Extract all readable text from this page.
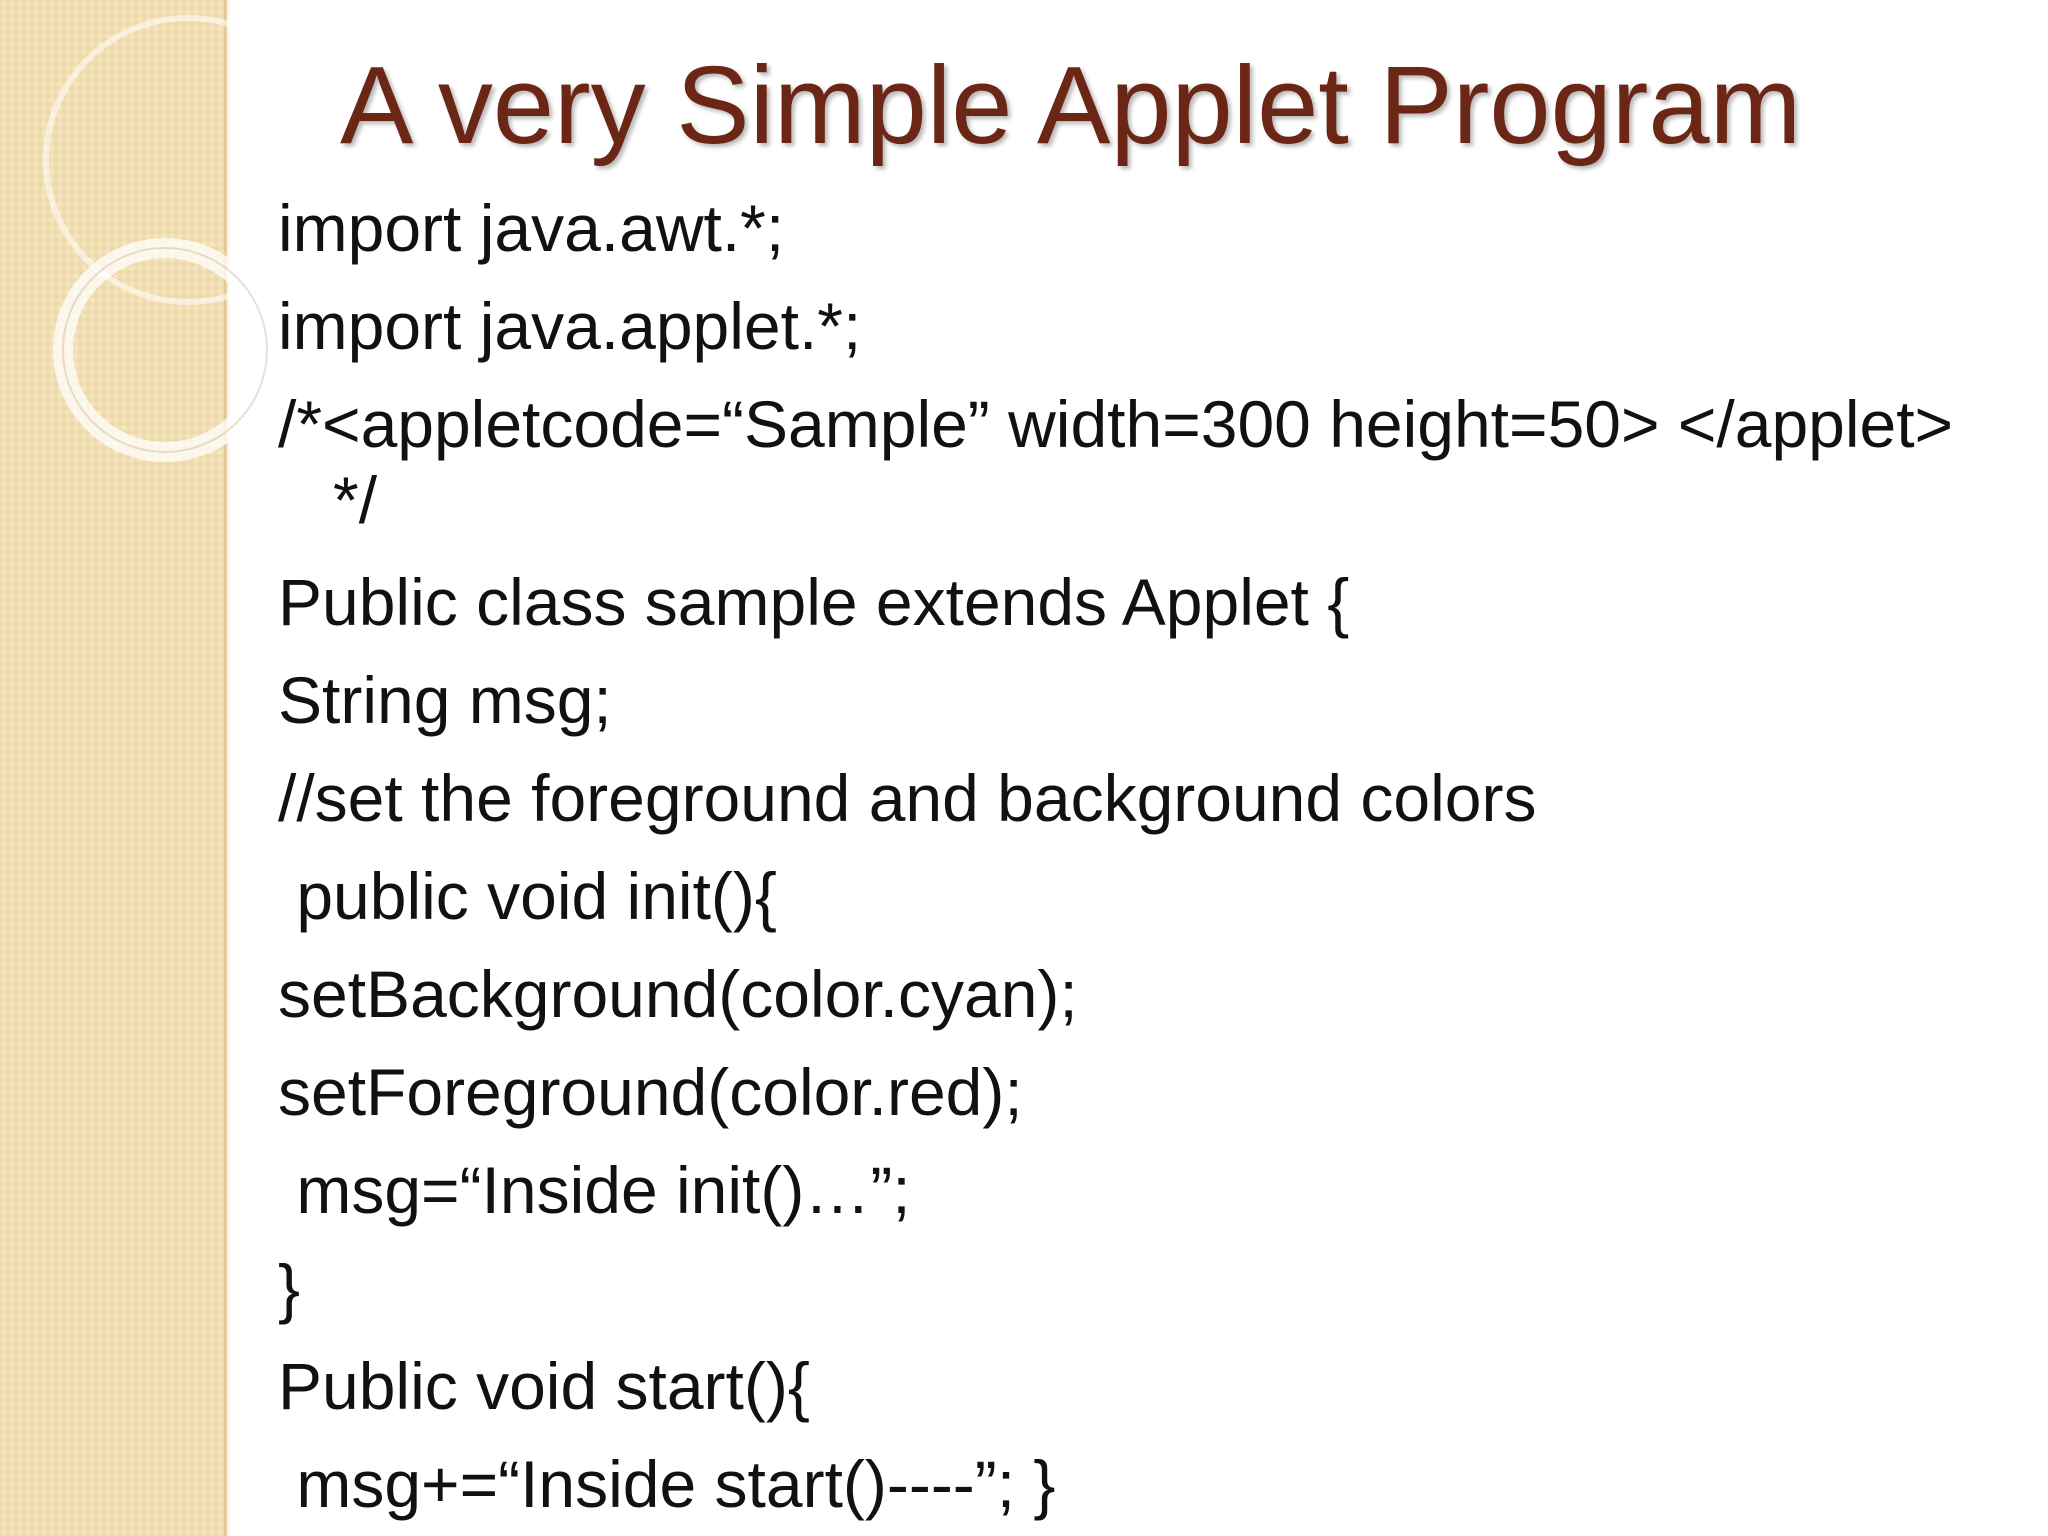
A very Simple Applet Program
import java.awt.*;
import java.applet.*;
/*<appletcode=“Sample” width=300 height=50> </applet>
*/
Public class sample extends Applet {
String msg;
//set the foreground and background colors
public void init(){
setBackground(color.cyan);
setForeground(color.red);
msg=“Inside init()…”;
}
Public void start(){
msg+=“Inside start()----”; }
